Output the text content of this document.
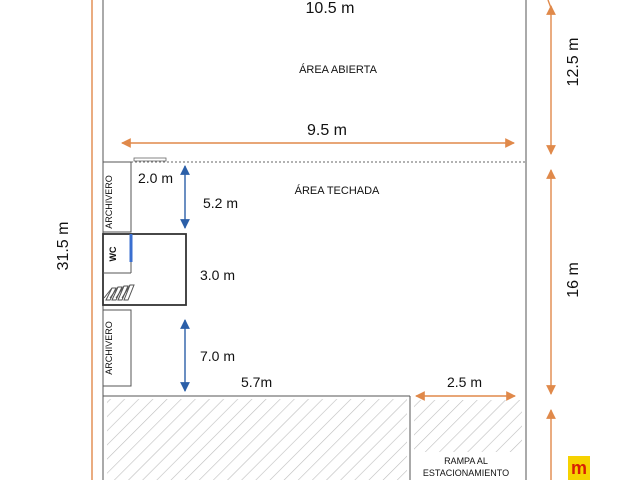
10.5 m
ÁREA ABIERTA
9.5 m
ÁREA TECHADA
2.0 m
5.2 m
3.0 m
7.0 m
5.7m	2.5 m
31.5 m
12.5 m
16 m
ARCHIVERO
WC
ARCHIVERO
RAMPA AL
ESTACIONAMIENTO	m
